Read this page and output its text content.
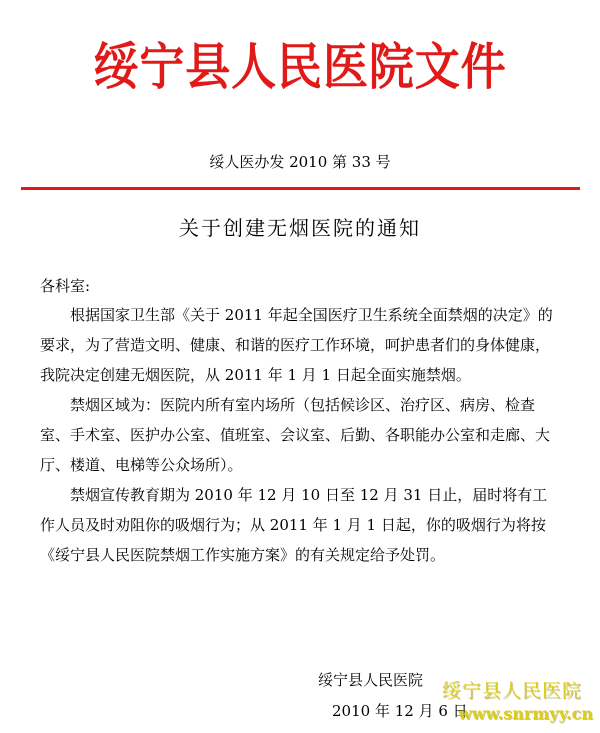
绥宁县人民医院文件
绥人医办发 2010 第 33 号
关于创建无烟医院的通知
各科室:

根据国家卫生部《关于 2011 年起全国医疗卫生系统全面禁烟的决定》的要求，为了营造文明、健康、和谐的医疗工作环境，呵护患者们的身体健康，我院决定创建无烟医院，从 2011 年 1 月 1 日起全面实施禁烟。

禁烟区域为：医院内所有室内场所（包括候诊区、治疗区、病房、检查室、手术室、医护办公室、值班室、会议室、后勤、各职能办公室和走廊、大厅、楼道、电梯等公众场所）。

禁烟宣传教育期为 2010 年 12 月 10 日至 12 月 31 日止，届时将有工作人员及时劝阻你的吸烟行为；从 2011 年 1 月 1 日起，你的吸烟行为将按《绥宁县人民医院禁烟工作实施方案》的有关规定给予处罚。

绥宁县人民医院
2010 年 12 月 6 日
绥宁县人民医院
www.snrmyy.cn
